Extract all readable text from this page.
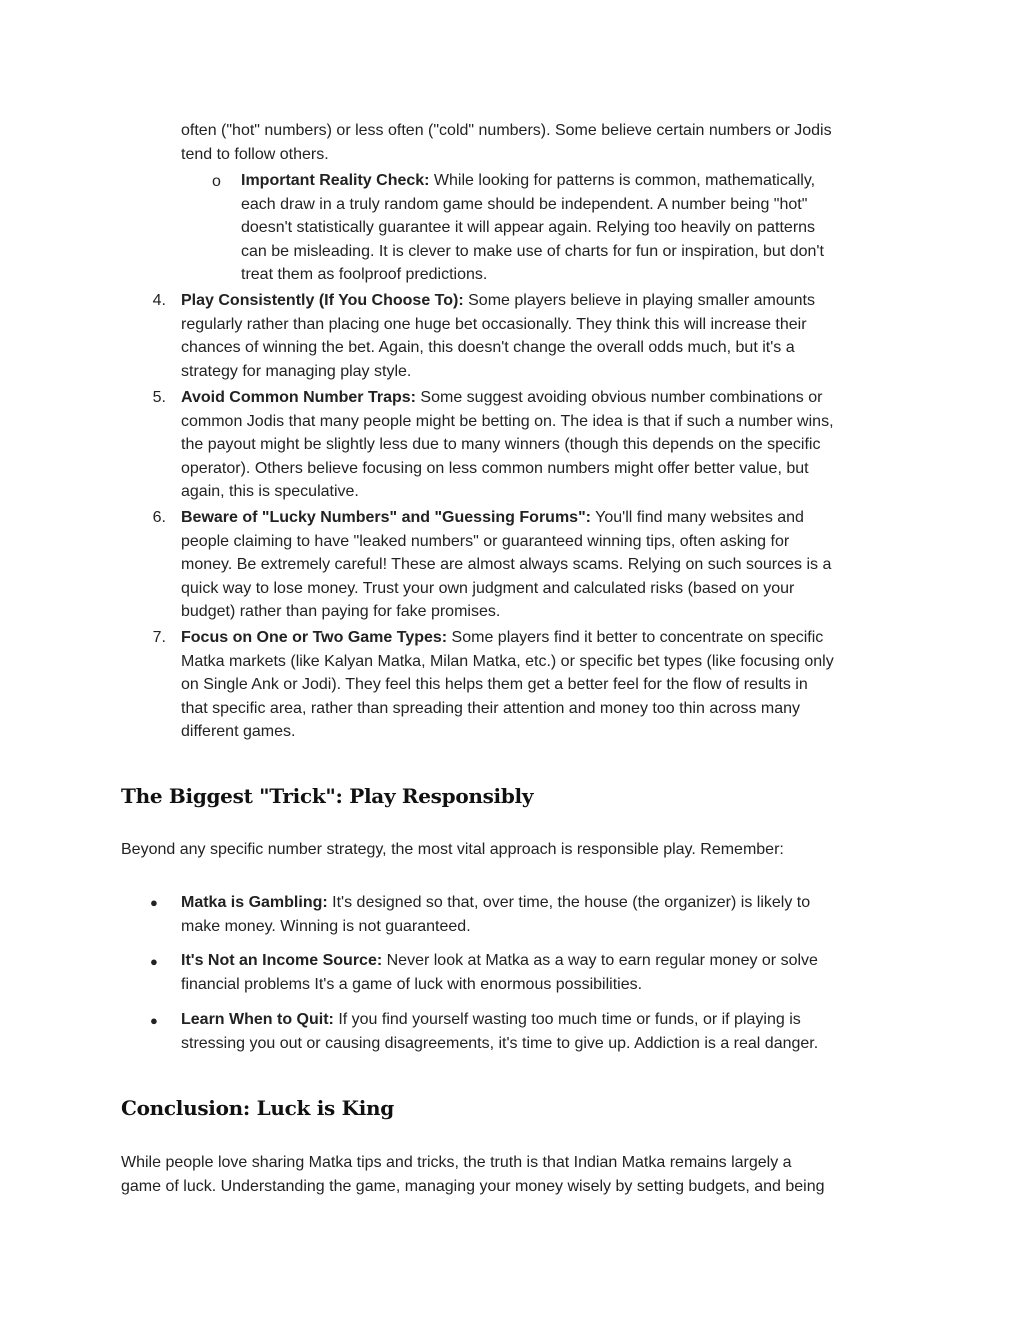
often ("hot" numbers) or less often ("cold" numbers). Some believe certain numbers or Jodis
tend to follow others.
o Important Reality Check: While looking for patterns is common, mathematically,
each draw in a truly random game should be independent. A number being "hot"
doesn't statistically guarantee it will appear again. Relying too heavily on patterns
can be misleading. It is clever to make use of charts for fun or inspiration, but don't
treat them as foolproof predictions.
4. Play Consistently (If You Choose To): Some players believe in playing smaller amounts
regularly rather than placing one huge bet occasionally. They think this will increase their
chances of winning the bet. Again, this doesn't change the overall odds much, but it's a
strategy for managing play style.
5. Avoid Common Number Traps: Some suggest avoiding obvious number combinations or
common Jodis that many people might be betting on. The idea is that if such a number wins,
the payout might be slightly less due to many winners (though this depends on the specific
operator). Others believe focusing on less common numbers might offer better value, but
again, this is speculative.
6. Beware of "Lucky Numbers" and "Guessing Forums": You'll find many websites and
people claiming to have "leaked numbers" or guaranteed winning tips, often asking for
money. Be extremely careful! These are almost always scams. Relying on such sources is a
quick way to lose money. Trust your own judgment and calculated risks (based on your
budget) rather than paying for fake promises.
7. Focus on One or Two Game Types: Some players find it better to concentrate on specific
Matka markets (like Kalyan Matka, Milan Matka, etc.) or specific bet types (like focusing only
on Single Ank or Jodi). They feel this helps them get a better feel for the flow of results in
that specific area, rather than spreading their attention and money too thin across many
different games.
The Biggest "Trick": Play Responsibly
Beyond any specific number strategy, the most vital approach is responsible play. Remember:
● Matka is Gambling: It's designed so that, over time, the house (the organizer) is likely to
make money. Winning is not guaranteed.
● It's Not an Income Source: Never look at Matka as a way to earn regular money or solve
financial problems It's a game of luck with enormous possibilities.
● Learn When to Quit: If you find yourself wasting too much time or funds, or if playing is
stressing you out or causing disagreements, it's time to give up. Addiction is a real danger.
Conclusion: Luck is King
While people love sharing Matka tips and tricks, the truth is that Indian Matka remains largely a
game of luck. Understanding the game, managing your money wisely by setting budgets, and being
